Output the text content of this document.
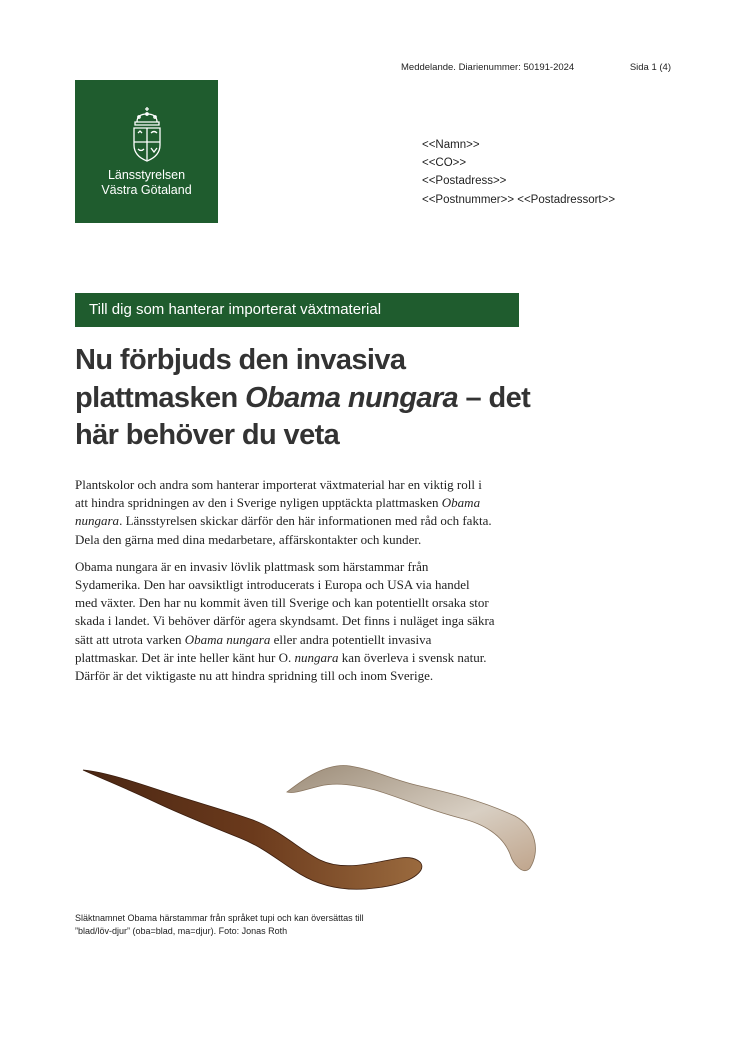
Meddelande. Diarienummer: 50191-2024	Sida 1 (4)
Länsstyrelsen
Västra Götaland
<<Namn>>
<<CO>>
<<Postadress>>
<<Postnummer>> <<Postadressort>>
Till dig som hanterar importerat växtmaterial
Nu förbjuds den invasiva plattmasken Obama nungara – det här behöver du veta

Plantskolor och andra som hanterar importerat växtmaterial har en viktig roll i att hindra spridningen av den i Sverige nyligen upptäckta plattmasken Obama nungara. Länsstyrelsen skickar därför den här informationen med råd och fakta. Dela den gärna med dina medarbetare, affärskontakter och kunder.

Obama nungara är en invasiv lövlik plattmask som härstammar från Sydamerika. Den har oavsiktligt introducerats i Europa och USA via handel med växter. Den har nu kommit även till Sverige och kan potentiellt orsaka stor skada i landet. Vi behöver därför agera skyndsamt. Det finns i nuläget inga säkra sätt att utrota varken Obama nungara eller andra potentiellt invasiva plattmaskar. Det är inte heller känt hur O. nungara kan överleva i svensk natur. Därför är det viktigaste nu att hindra spridning till och inom Sverige.

Släktnamnet Obama härstammar från språket tupi och kan översättas till
”blad/löv-djur” (oba=blad, ma=djur). Foto: Jonas Roth
